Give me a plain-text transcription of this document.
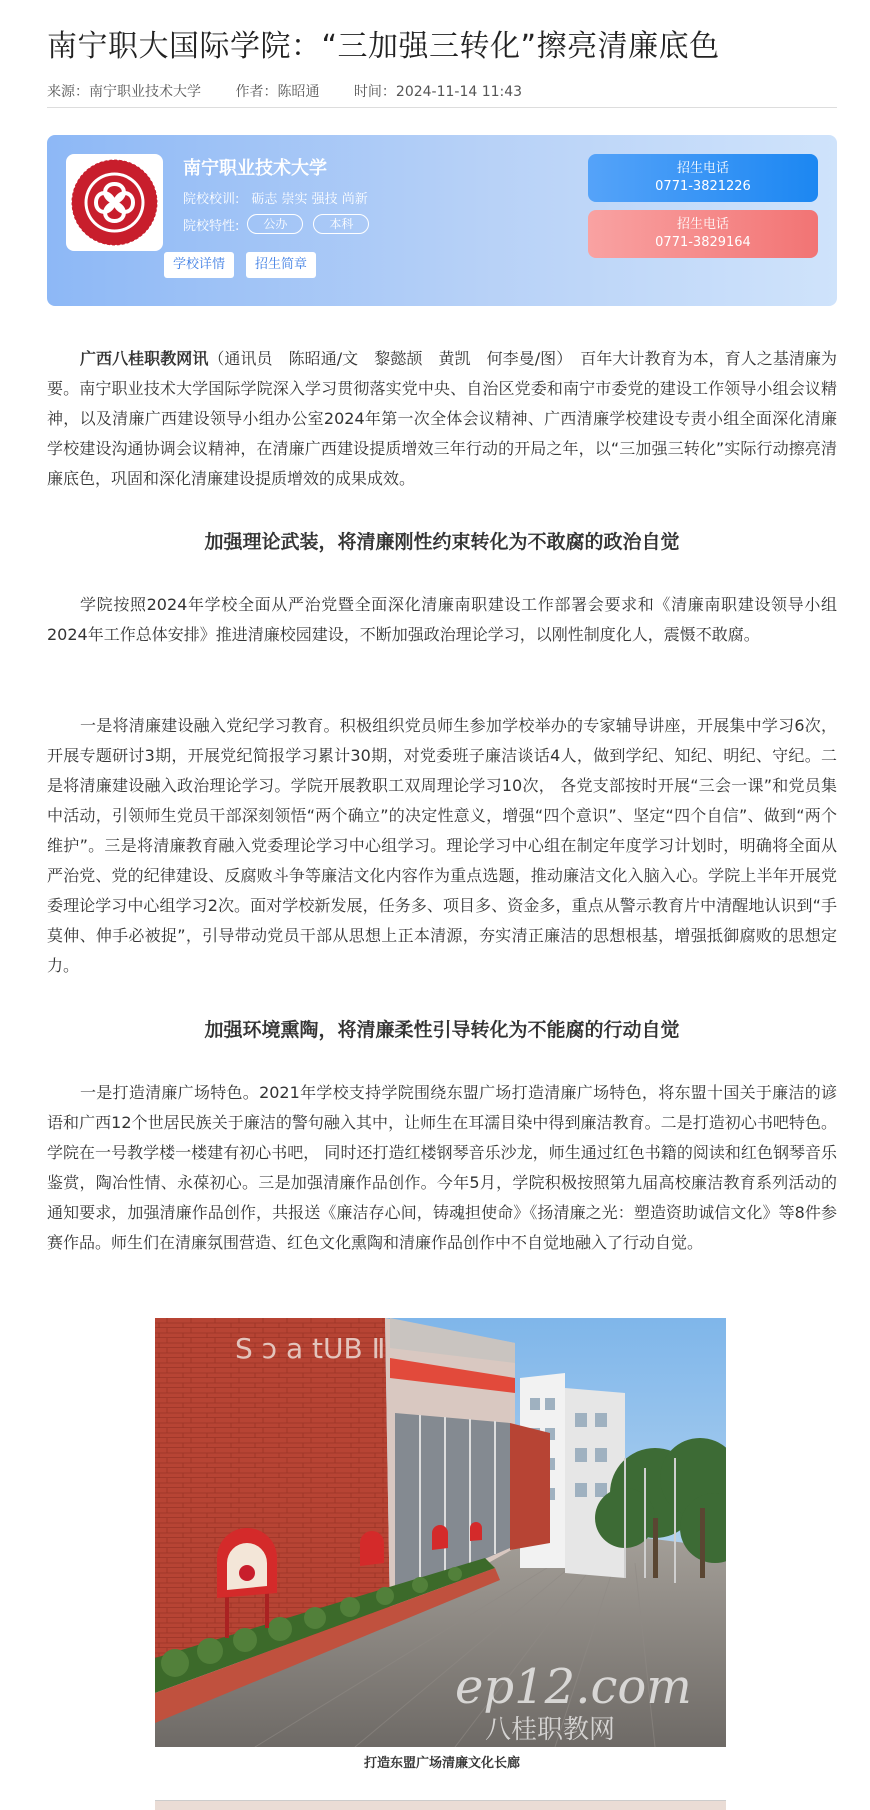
南宁职大国际学院：“三加强三转化”擦亮清廉底色
来源：南宁职业技术大学 作者：陈昭通 时间：2024-11-14 11:43
南宁职业技术大学
院校校训: 砺志 崇实 强技 尚新
院校特性:	公办	本科
学校详情	招生简章
招生电话
0771-3821226
招生电话
0771-3829164

广西八桂职教网讯（通讯员　陈昭通/文　黎懿颉　黄凯　何李曼/图）　百年大计教育为本，育人之基清廉为要。南宁职业技术大学国际学院深入学习贯彻落实党中央、自治区党委和南宁市委党的建设工作领导小组会议精神，以及清廉广西建设领导小组办公室2024年第一次全体会议精神、广西清廉学校建设专责小组全面深化清廉学校建设沟通协调会议精神，在清廉广西建设提质增效三年行动的开局之年，以“三加强三转化”实际行动擦亮清廉底色，巩固和深化清廉建设提质增效的成果成效。

加强理论武装，将清廉刚性约束转化为不敢腐的政治自觉

学院按照2024年学校全面从严治党暨全面深化清廉南职建设工作部署会要求和《清廉南职建设领导小组2024年工作总体安排》推进清廉校园建设，不断加强政治理论学习，以刚性制度化人，震慑不敢腐。

一是将清廉建设融入党纪学习教育。积极组织党员师生参加学校举办的专家辅导讲座，开展集中学习6次，开展专题研讨3期，开展党纪简报学习累计30期，对党委班子廉洁谈话4人，做到学纪、知纪、明纪、守纪。二是将清廉建设融入政治理论学习。学院开展教职工双周理论学习10次， 各党支部按时开展“三会一课”和党员集中活动，引领师生党员干部深刻领悟“两个确立”的决定性意义，增强“四个意识”、坚定“四个自信”、做到“两个维护”。三是将清廉教育融入党委理论学习中心组学习。理论学习中心组在制定年度学习计划时，明确将全面从严治党、党的纪律建设、反腐败斗争等廉洁文化内容作为重点选题，推动廉洁文化入脑入心。学院上半年开展党委理论学习中心组学习2次。面对学校新发展，任务多、项目多、资金多，重点从警示教育片中清醒地认识到“手莫伸、伸手必被捉”，引导带动党员干部从思想上正本清源，夯实清正廉洁的思想根基，增强抵御腐败的思想定力。

加强环境熏陶，将清廉柔性引导转化为不能腐的行动自觉

一是打造清廉广场特色。2021年学校支持学院围绕东盟广场打造清廉广场特色，将东盟十国关于廉洁的谚语和广西12个世居民族关于廉洁的警句融入其中，让师生在耳濡目染中得到廉洁教育。二是打造初心书吧特色。学院在一号教学楼一楼建有初心书吧， 同时还打造红楼钢琴音乐沙龙，师生通过红色书籍的阅读和红色钢琴音乐鉴赏，陶冶性情、永葆初心。三是加强清廉作品创作。今年5月，学院积极按照第九届高校廉洁教育系列活动的通知要求，加强清廉作品创作，共报送《廉洁存心间，铸魂担使命》《扬清廉之光：塑造资助诚信文化》等8件参赛作品。师生们在清廉氛围营造、红色文化熏陶和清廉作品创作中不自觉地融入了行动自觉。

S ɔ a tUB Ⅱ
ep12.com
八桂职教网
打造东盟广场清廉文化长廊
